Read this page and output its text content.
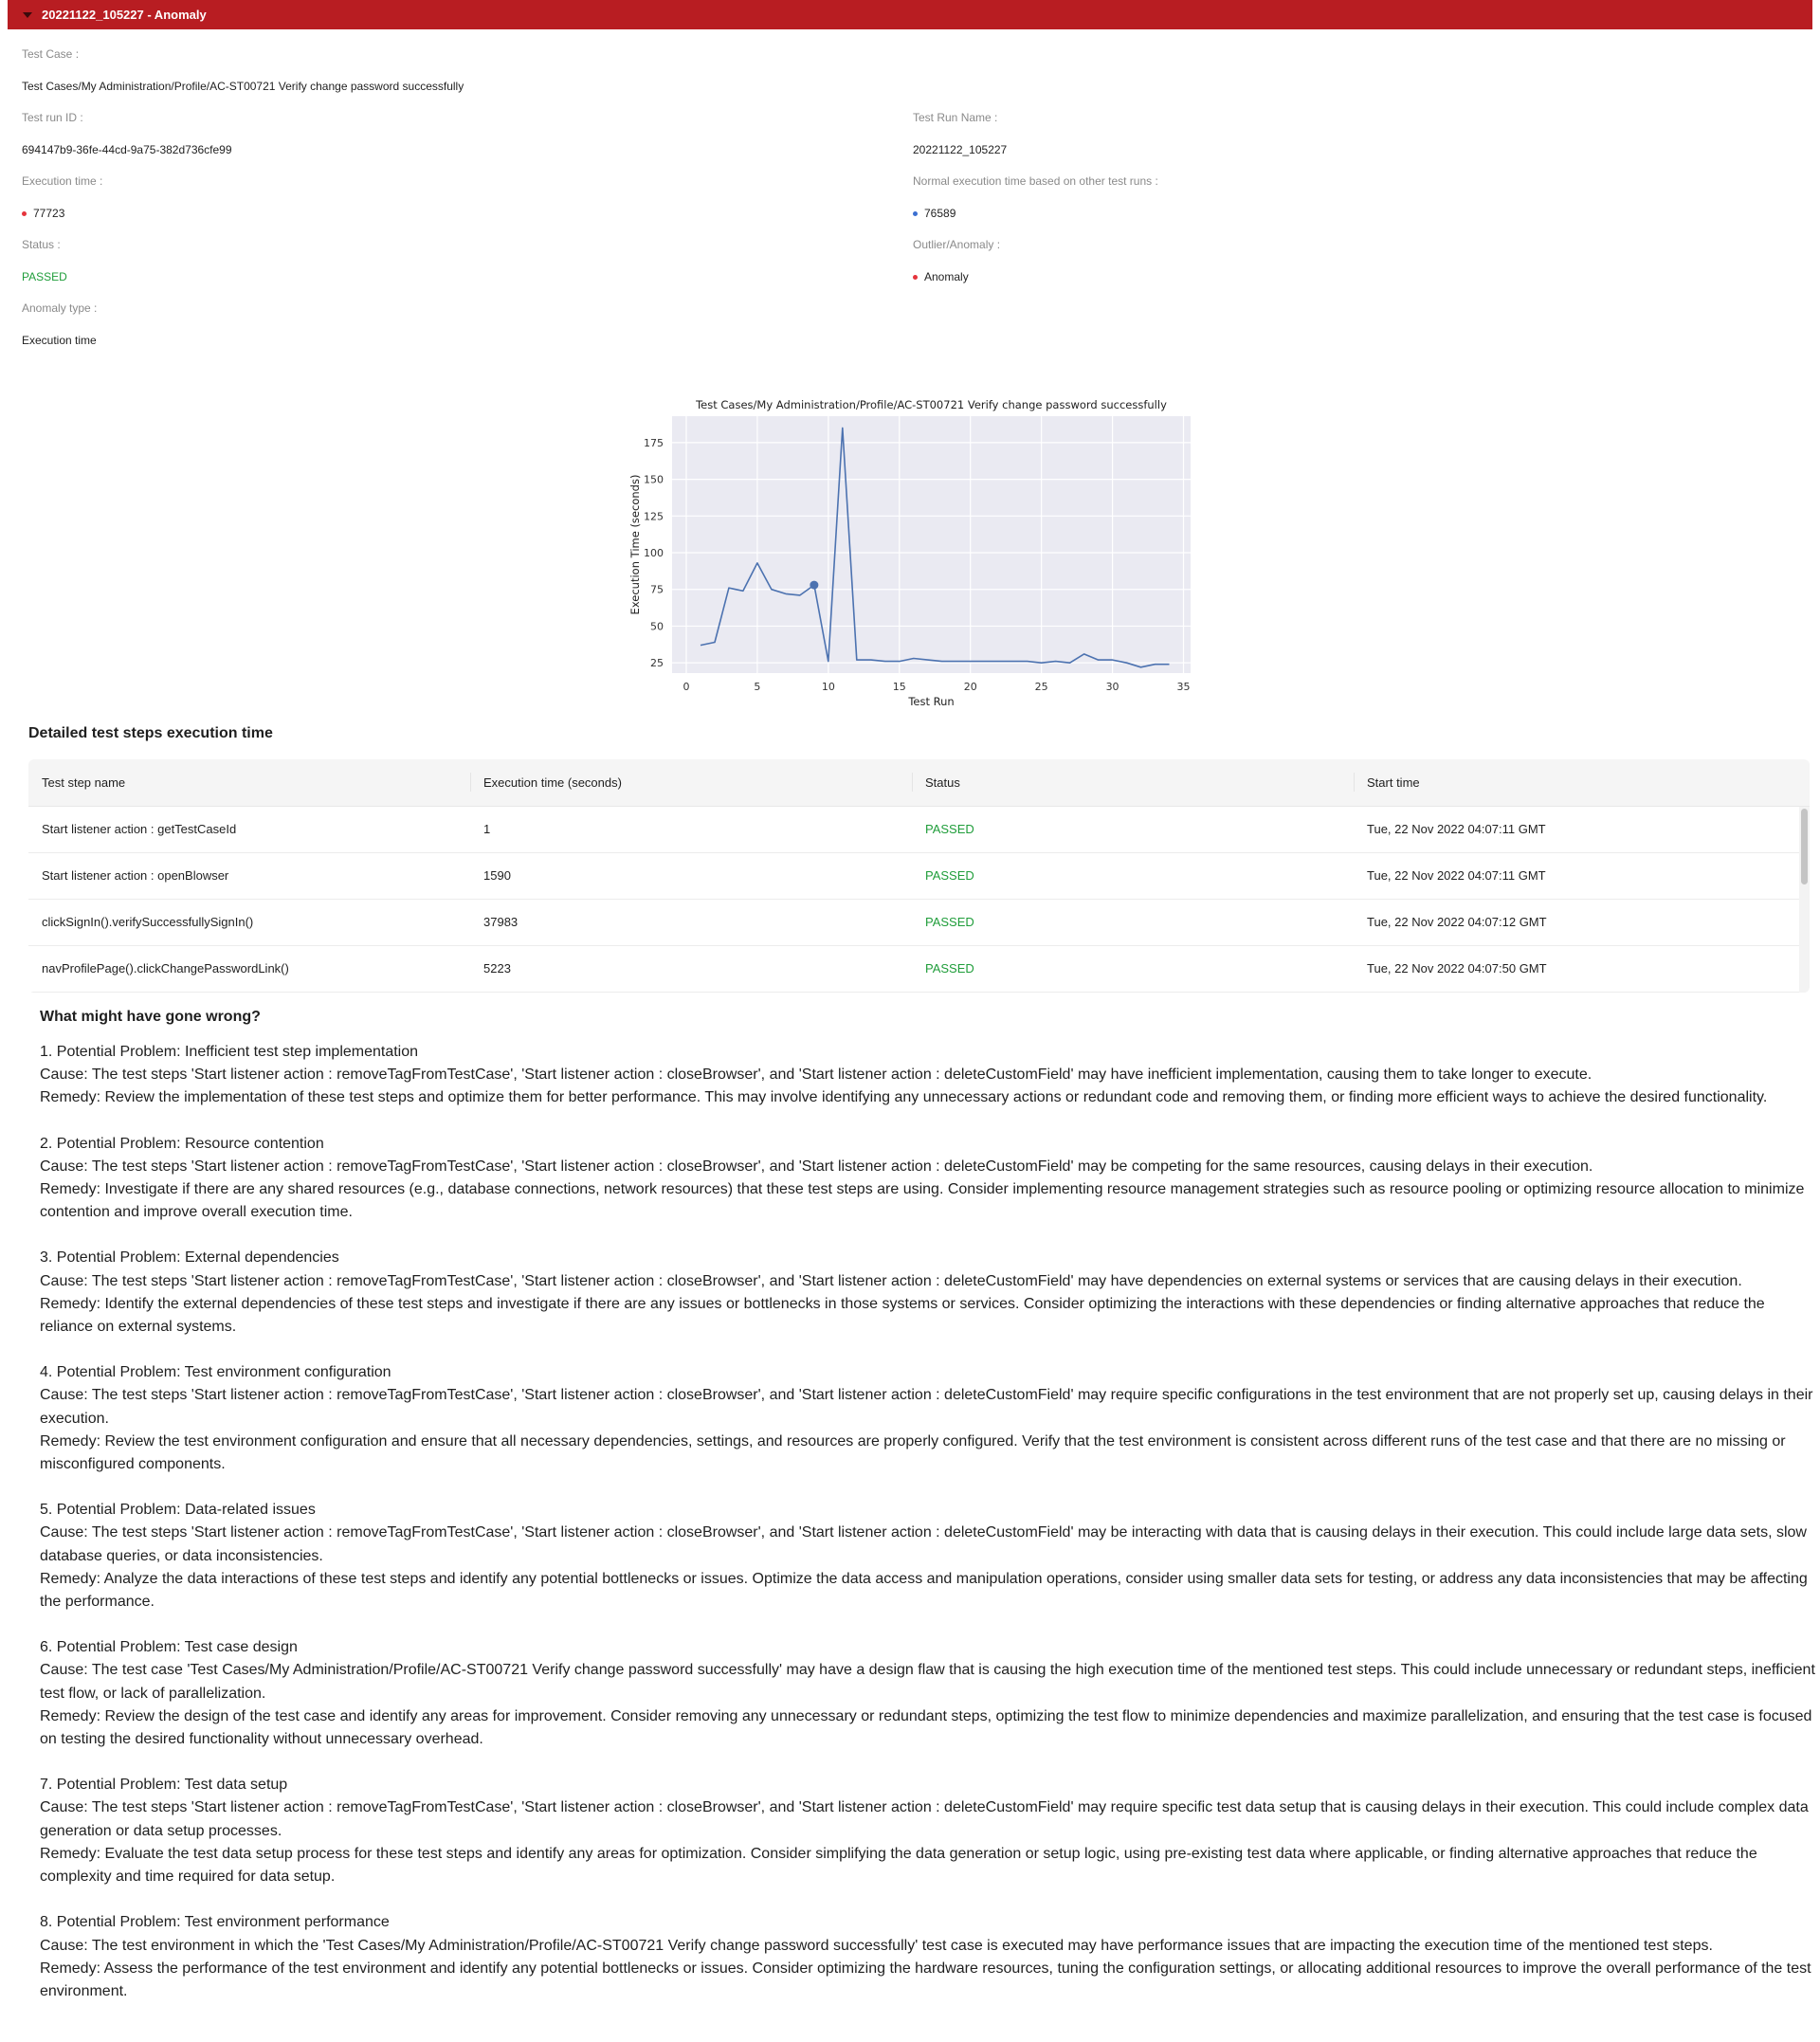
20221122_105227 - Anomaly
Test Case :
Test Cases/My Administration/Profile/AC-ST00721 Verify change password successfully
Test run ID :
694147b9-36fe-44cd-9a75-382d736cfe99
Test Run Name :
20221122_105227
Execution time :
77723
Normal execution time based on other test runs :
76589
Status :
PASSED
Outlier/Anomaly :
Anomaly
Anomaly type :
Execution time
0	5	10	15	20	25	30	35
25
50
75
100
125
150
175
Test Cases/My Administration/Profile/AC-ST00721 Verify change password successfully
Test Run
Execution Time (seconds)
Detailed test steps execution time
Test step name	Execution time (seconds)	Status	Start time
Start listener action : getTestCaseId	1	PASSED	Tue, 22 Nov 2022 04:07:11 GMT
Start listener action : openBlowser	1590	PASSED	Tue, 22 Nov 2022 04:07:11 GMT
clickSignIn().verifySuccessfullySignIn()	37983	PASSED	Tue, 22 Nov 2022 04:07:12 GMT
navProfilePage().clickChangePasswordLink()	5223	PASSED	Tue, 22 Nov 2022 04:07:50 GMT
What might have gone wrong?

1. Potential Problem: Inefficient test step implementation

Cause: The test steps 'Start listener action : removeTagFromTestCase', 'Start listener action : closeBrowser', and 'Start listener action : deleteCustomField' may have inefficient implementation, causing them to take longer to execute.

Remedy: Review the implementation of these test steps and optimize them for better performance. This may involve identifying any unnecessary actions or redundant code and removing them, or finding more efficient ways to achieve the desired functionality.

2. Potential Problem: Resource contention

Cause: The test steps 'Start listener action : removeTagFromTestCase', 'Start listener action : closeBrowser', and 'Start listener action : deleteCustomField' may be competing for the same resources, causing delays in their execution.

Remedy: Investigate if there are any shared resources (e.g., database connections, network resources) that these test steps are using. Consider implementing resource management strategies such as resource pooling or optimizing resource allocation to minimize contention and improve overall execution time.

3. Potential Problem: External dependencies

Cause: The test steps 'Start listener action : removeTagFromTestCase', 'Start listener action : closeBrowser', and 'Start listener action : deleteCustomField' may have dependencies on external systems or services that are causing delays in their execution.

Remedy: Identify the external dependencies of these test steps and investigate if there are any issues or bottlenecks in those systems or services. Consider optimizing the interactions with these dependencies or finding alternative approaches that reduce the reliance on external systems.

4. Potential Problem: Test environment configuration

Cause: The test steps 'Start listener action : removeTagFromTestCase', 'Start listener action : closeBrowser', and 'Start listener action : deleteCustomField' may require specific configurations in the test environment that are not properly set up, causing delays in their execution.

Remedy: Review the test environment configuration and ensure that all necessary dependencies, settings, and resources are properly configured. Verify that the test environment is consistent across different runs of the test case and that there are no missing or misconfigured components.

5. Potential Problem: Data-related issues

Cause: The test steps 'Start listener action : removeTagFromTestCase', 'Start listener action : closeBrowser', and 'Start listener action : deleteCustomField' may be interacting with data that is causing delays in their execution. This could include large data sets, slow database queries, or data inconsistencies.

Remedy: Analyze the data interactions of these test steps and identify any potential bottlenecks or issues. Optimize the data access and manipulation operations, consider using smaller data sets for testing, or address any data inconsistencies that may be affecting the performance.

6. Potential Problem: Test case design

Cause: The test case 'Test Cases/My Administration/Profile/AC-ST00721 Verify change password successfully' may have a design flaw that is causing the high execution time of the mentioned test steps. This could include unnecessary or redundant steps, inefficient test flow, or lack of parallelization.

Remedy: Review the design of the test case and identify any areas for improvement. Consider removing any unnecessary or redundant steps, optimizing the test flow to minimize dependencies and maximize parallelization, and ensuring that the test case is focused on testing the desired functionality without unnecessary overhead.

7. Potential Problem: Test data setup

Cause: The test steps 'Start listener action : removeTagFromTestCase', 'Start listener action : closeBrowser', and 'Start listener action : deleteCustomField' may require specific test data setup that is causing delays in their execution. This could include complex data generation or data setup processes.

Remedy: Evaluate the test data setup process for these test steps and identify any areas for optimization. Consider simplifying the data generation or setup logic, using pre-existing test data where applicable, or finding alternative approaches that reduce the complexity and time required for data setup.

8. Potential Problem: Test environment performance

Cause: The test environment in which the 'Test Cases/My Administration/Profile/AC-ST00721 Verify change password successfully' test case is executed may have performance issues that are impacting the execution time of the mentioned test steps.

Remedy: Assess the performance of the test environment and identify any potential bottlenecks or issues. Consider optimizing the hardware resources, tuning the configuration settings, or allocating additional resources to improve the overall performance of the test environment.
